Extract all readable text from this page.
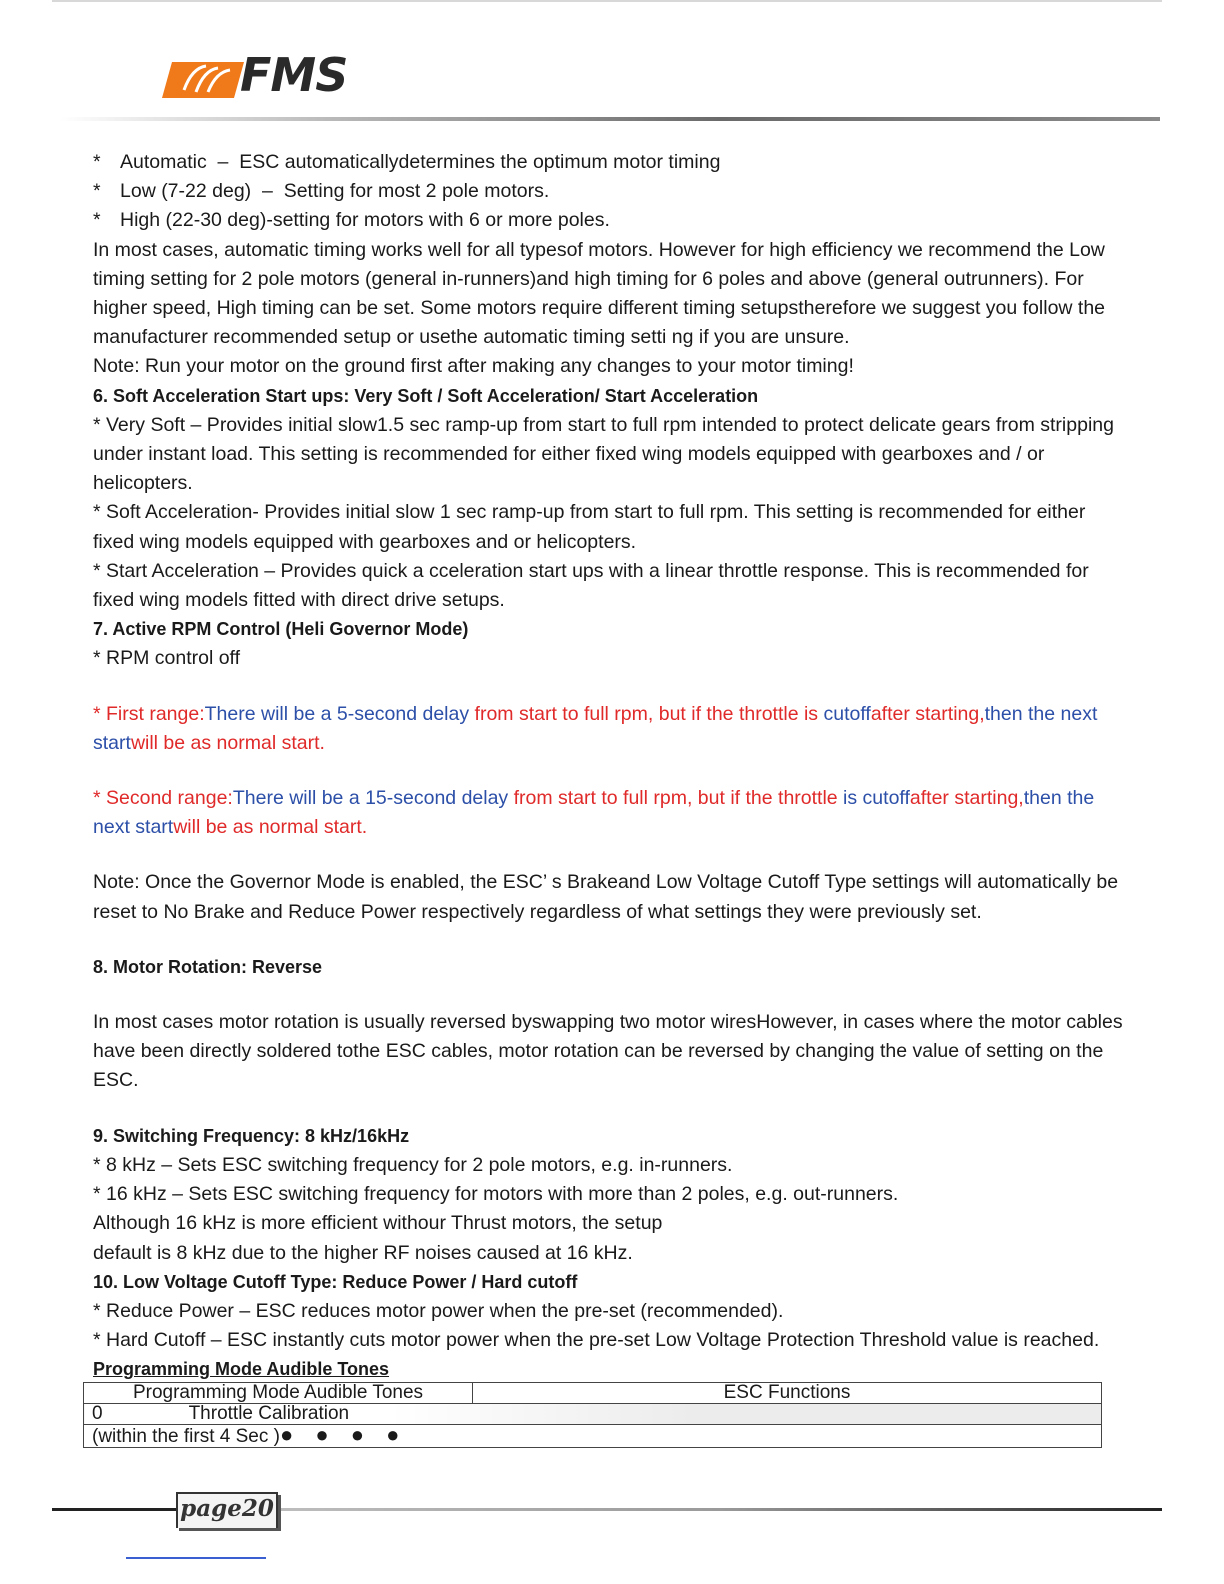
FMS

* Automatic  –  ESC automaticallydetermines the optimum motor timing

* Low (7-22 deg)  –  Setting for most 2 pole motors.

* High (22-30 deg)-setting for motors with 6 or more poles.

In most cases, automatic timing works well for all typesof motors. However for high efficiency we recommend the Low timing setting for 2 pole motors (general in-runners)and high timing for 6 poles and above (general outrunners). For higher speed, High timing can be set. Some motors require different timing setupstherefore we suggest you follow the manufacturer recommended setup or usethe automatic timing setti ng if you are unsure.

Note: Run your motor on the ground first after making any changes to your motor timing!

6. Soft Acceleration Start ups: Very Soft / Soft Acceleration/ Start Acceleration

* Very Soft – Provides initial slow1.5 sec ramp-up from start to full rpm intended to protect delicate gears from stripping under instant load. This setting is recommended for either fixed wing models equipped with gearboxes and / or helicopters.

* Soft Acceleration- Provides initial slow 1 sec ramp-up from start to full rpm. This setting is recommended for either fixed wing models equipped with gearboxes and or helicopters.

* Start Acceleration – Provides quick a cceleration start ups with a linear throttle response. This is recommended for fixed wing models fitted with direct drive setups.

7. Active RPM Control (Heli Governor Mode)

* RPM control off

* First range:There will be a 5-second delay from start to full rpm, but if the throttle is cutoffafter starting,then the next startwill be as normal start.

* Second range:There will be a 15-second delay from start to full rpm, but if the throttle is cutoffafter starting,then the next startwill be as normal start.

Note: Once the Governor Mode is enabled, the ESC’ s Brakeand Low Voltage Cutoff Type settings will automatically be reset to No Brake and Reduce Power respectively regardless of what settings they were previously set.

8. Motor Rotation: Reverse

In most cases motor rotation is usually reversed byswapping two motor wiresHowever, in cases where the motor cables have been directly soldered tothe ESC cables, motor rotation can be reversed by changing the value of setting on the ESC.

9. Switching Frequency: 8 kHz/16kHz

* 8 kHz – Sets ESC switching frequency for 2 pole motors, e.g. in-runners.

* 16 kHz – Sets ESC switching frequency for motors with more than 2 poles, e.g. out-runners.

Although 16 kHz is more efficient withour Thrust motors, the setup

default is 8 kHz due to the higher RF noises caused at 16 kHz.

10. Low Voltage Cutoff Type: Reduce Power / Hard cutoff

* Reduce Power – ESC reduces motor power when the pre-set (recommended).

* Hard Cutoff – ESC instantly cuts motor power when the pre-set Low Voltage Protection Threshold value is reached.

Programming Mode Audible Tones

Programming Mode Audible Tones	ESC Functions
0	Throttle Calibration
(within the first 4 Sec )● ● ● ●
page20
